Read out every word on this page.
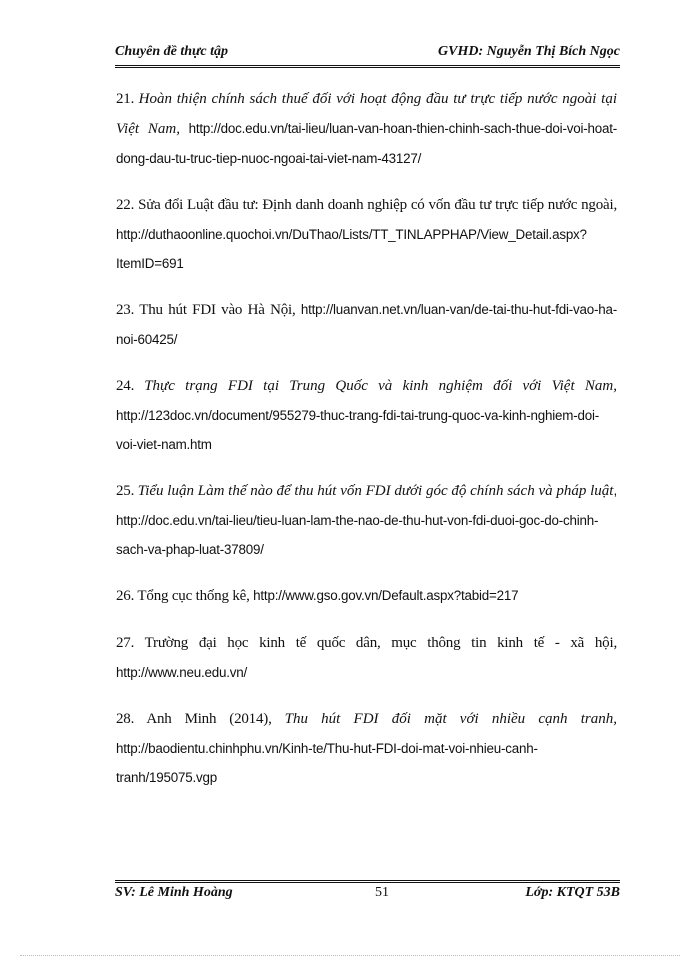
Chuyên đề thực tập	GVHD: Nguyễn Thị Bích Ngọc

21. Hoàn thiện chính sách thuế đối với hoạt động đầu tư trực tiếp nước ngoài tại Việt Nam, http://doc.edu.vn/tai-lieu/luan-van-hoan-thien-chinh-sach-thue-doi-voi-hoat-dong-dau-tu-truc-tiep-nuoc-ngoai-tai-viet-nam-43127/

22. Sửa đổi Luật đầu tư: Định danh doanh nghiệp có vốn đầu tư trực tiếp nước ngoài, http://duthaoonline.quochoi.vn/DuThao/Lists/TT_TINLAPPHAP/View_Detail.aspx?ItemID=691

23. Thu hút FDI vào Hà Nội, http://luanvan.net.vn/luan-van/de-tai-thu-hut-fdi-vao-ha-noi-60425/

24. Thực trạng FDI tại Trung Quốc và kinh nghiệm đối với Việt Nam, http://123doc.vn/document/955279-thuc-trang-fdi-tai-trung-quoc-va-kinh-nghiem-doi-voi-viet-nam.htm

25. Tiểu luận Làm thế nào để thu hút vốn FDI dưới góc độ chính sách và pháp luật, http://doc.edu.vn/tai-lieu/tieu-luan-lam-the-nao-de-thu-hut-von-fdi-duoi-goc-do-chinh-sach-va-phap-luat-37809/

26. Tổng cục thống kê, http://www.gso.gov.vn/Default.aspx?tabid=217

27. Trường đại học kinh tế quốc dân, mục thông tin kinh tế - xã hội, http://www.neu.edu.vn/

28. Anh Minh (2014), Thu hút FDI đối mặt với nhiều cạnh tranh, http://baodientu.chinhphu.vn/Kinh-te/Thu-hut-FDI-doi-mat-voi-nhieu-canh-tranh/195075.vgp

SV: Lê Minh Hoàng	51	Lớp: KTQT 53B
